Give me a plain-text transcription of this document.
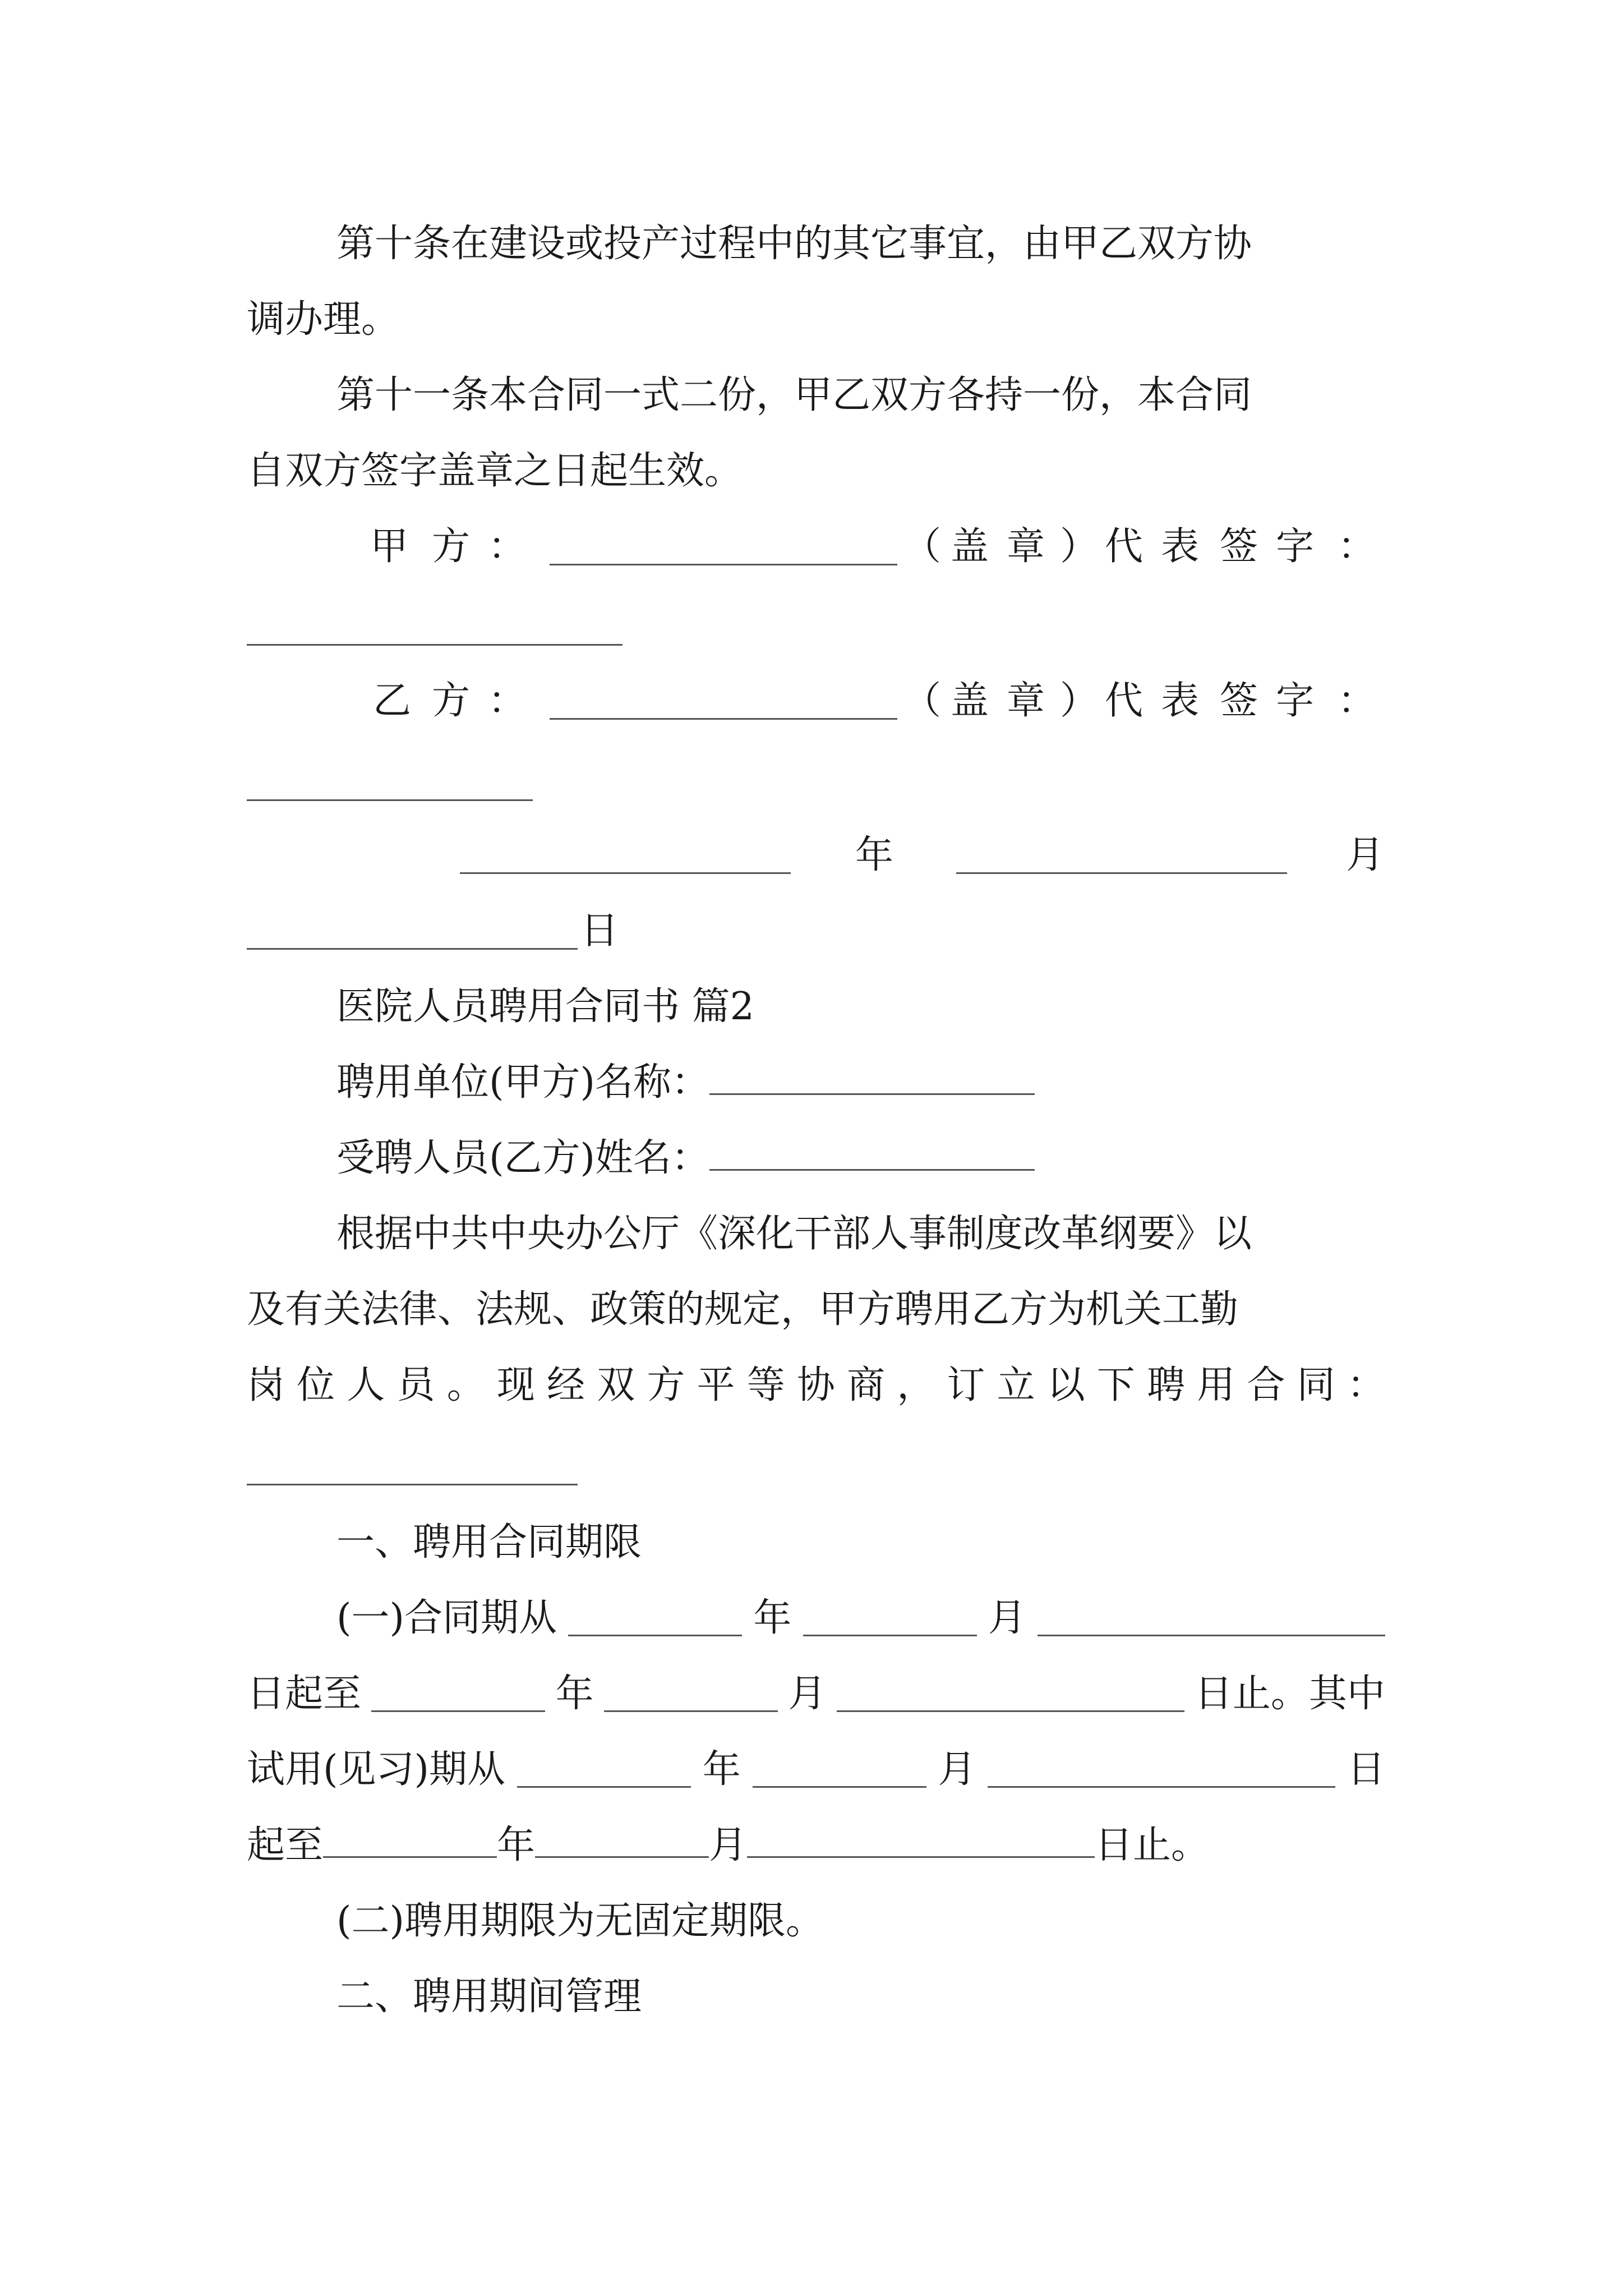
第十条在建设或投产过程中的其它事宜，由甲乙双方协
调办理。
第十一条本合同一式二份，甲乙双方各持一份，本合同
自双方签字盖章之日起生效。
甲 方 ：	（ 盖 章 ） 代 表 签 字 ：
乙 方 ：	（ 盖 章 ） 代 表 签 字 ：
年	月
日
医院人员聘用合同书 篇2
聘用单位(甲方)名称：
受聘人员(乙方)姓名：
根据中共中央办公厅《深化干部人事制度改革纲要》以
及有关法律、法规、政策的规定，甲方聘用乙方为机关工勤
岗 位 人 员 。 现 经 双 方 平 等 协 商 ， 订 立 以 下 聘 用 合 同 ：
一、聘用合同期限
(一)合同期从	年	月
日起至	年	月	日止。其中
试用(见习)期从	年	月	日
起至	年	月	日止。
(二)聘用期限为无固定期限。
二、聘用期间管理
